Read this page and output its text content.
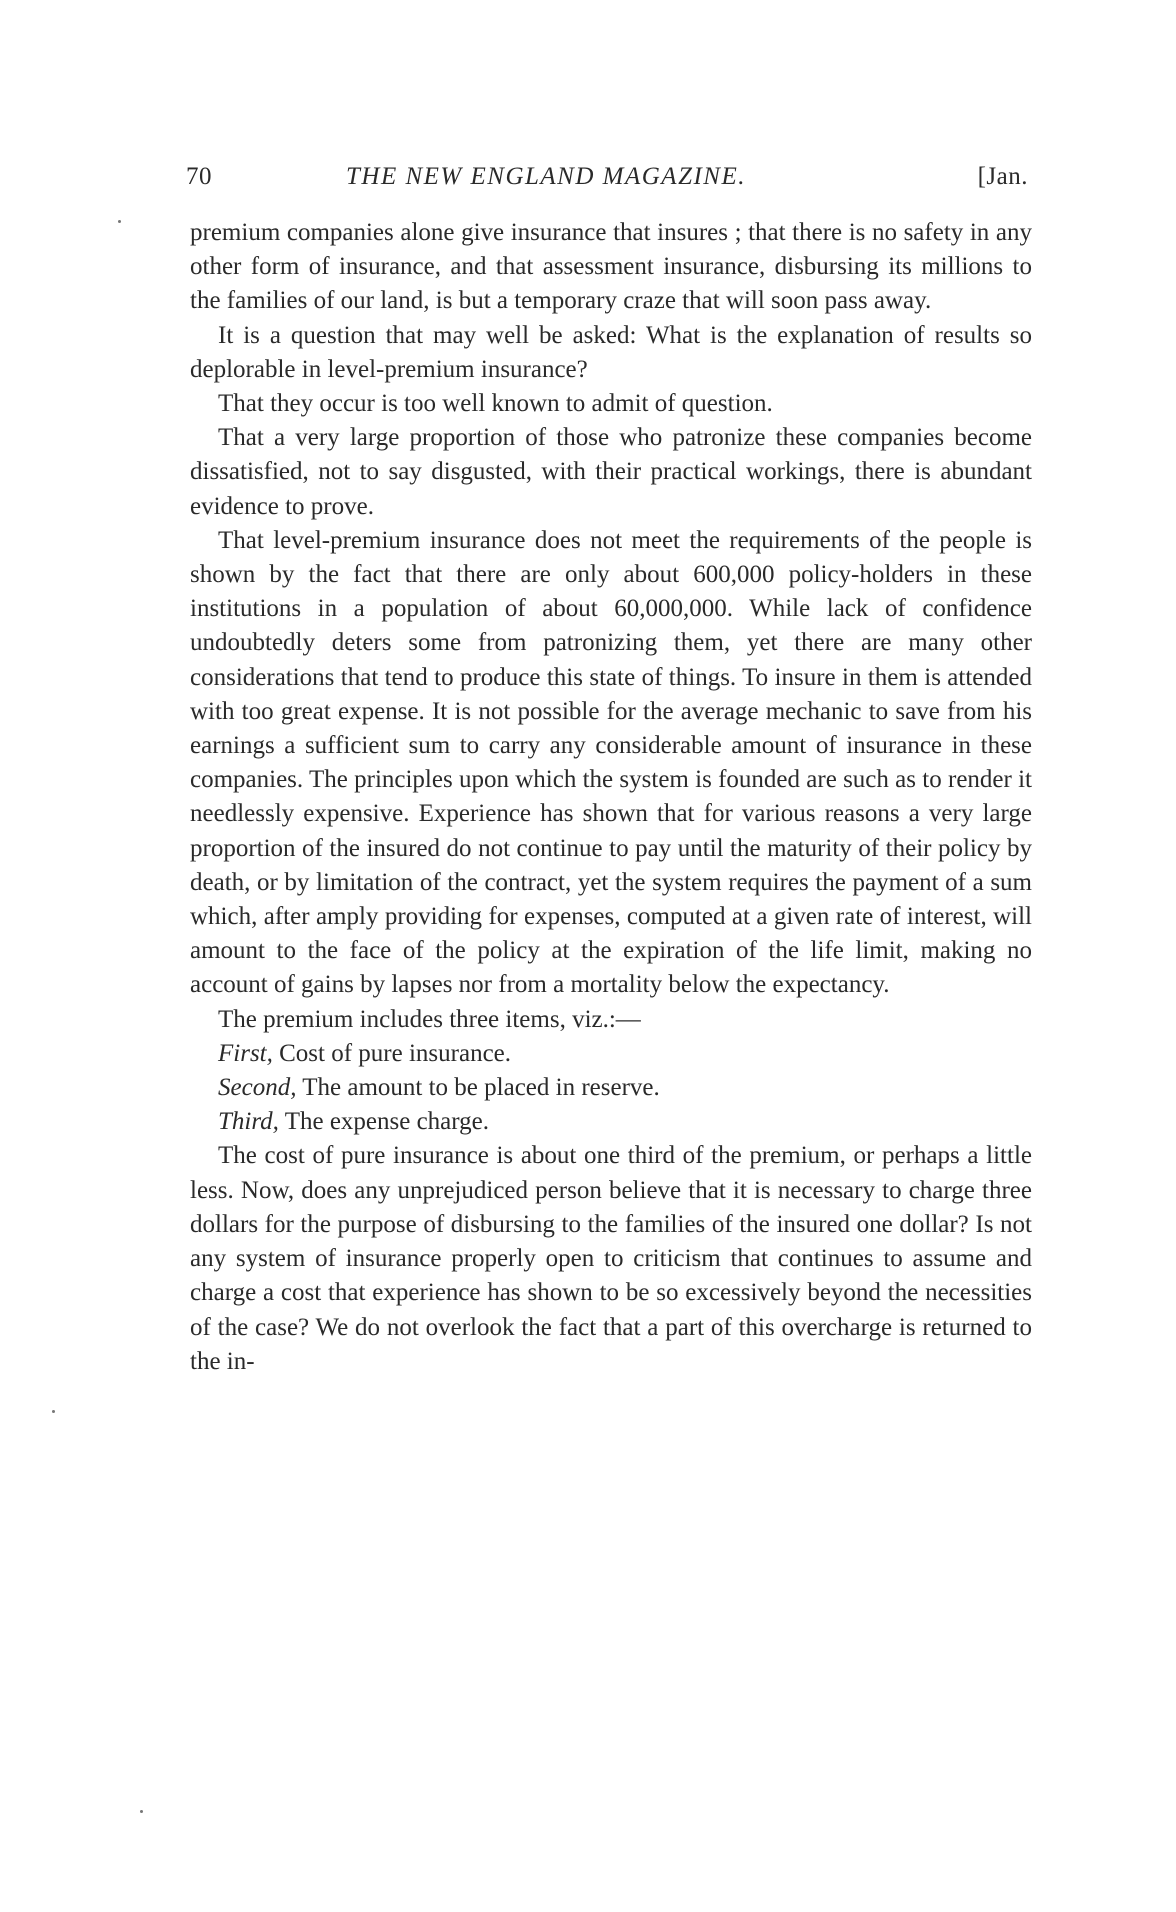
70	THE NEW ENGLAND MAGAZINE.	[Jan.

premium companies alone give insurance that insures ; that there is no safety in any other form of insurance, and that assessment insurance, disbursing its millions to the families of our land, is but a temporary craze that will soon pass away.

It is a question that may well be asked: What is the explanation of results so deplorable in level-premium insurance?

That they occur is too well known to admit of question.

That a very large proportion of those who patronize these companies become dissatisfied, not to say disgusted, with their practical workings, there is abundant evidence to prove.

That level-premium insurance does not meet the requirements of the people is shown by the fact that there are only about 600,000 policy-holders in these institutions in a population of about 60,000,000. While lack of confidence undoubtedly deters some from patronizing them, yet there are many other considerations that tend to produce this state of things. To insure in them is attended with too great expense. It is not possible for the average mechanic to save from his earnings a sufficient sum to carry any considerable amount of insurance in these companies. The principles upon which the system is founded are such as to render it needlessly expensive. Experience has shown that for various reasons a very large proportion of the insured do not continue to pay until the maturity of their policy by death, or by limitation of the contract, yet the system requires the payment of a sum which, after amply providing for expenses, computed at a given rate of interest, will amount to the face of the policy at the expiration of the life limit, making no account of gains by lapses nor from a mortality below the expectancy.

The premium includes three items, viz.:—

First, Cost of pure insurance.

Second, The amount to be placed in reserve.

Third, The expense charge.

The cost of pure insurance is about one third of the premium, or perhaps a little less. Now, does any unprejudiced person believe that it is necessary to charge three dollars for the purpose of disbursing to the families of the insured one dollar? Is not any system of insurance properly open to criticism that continues to assume and charge a cost that experience has shown to be so excessively beyond the necessities of the case? We do not overlook the fact that a part of this overcharge is returned to the in-
